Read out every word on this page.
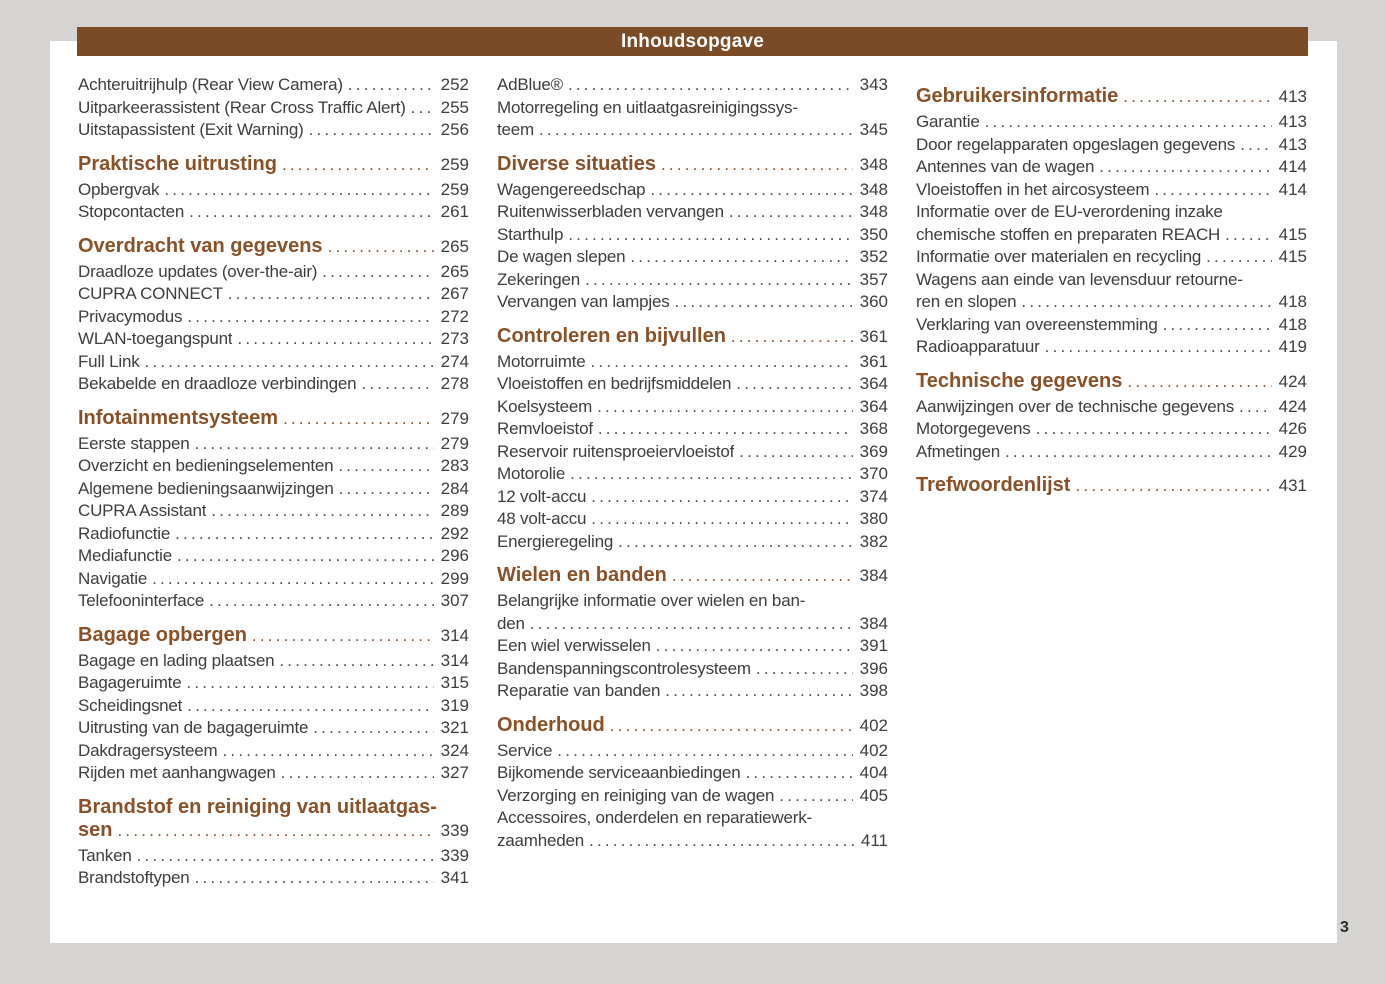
Inhoudsopgave
Achteruitrijhulp (Rear View Camera) .....	252
Uitparkeerassistent (Rear Cross Traffic Alert) ..... 255
Uitstapassistent (Exit Warning) .....	256
Praktische uitrusting .....	259
Opbergvak .....	259
Stopcontacten .....	261
Overdracht van gegevens .....	265
Draadloze updates (over-the-air) .....	265
CUPRA CONNECT .....	267
Privacymodus .....	272
WLAN-toegangspunt .....	273
Full Link .....	274
Bekabelde en draadloze verbindingen .....	278
Infotainmentsysteem .....	279
Eerste stappen .....	279
Overzicht en bedieningselementen .....	283
Algemene bedieningsaanwijzingen .....	284
CUPRA Assistant .....	289
Radiofunctie .....	292
Mediafunctie .....	296
Navigatie .....	299
Telefooninterface .....	307
Bagage opbergen .....	314
Bagage en lading plaatsen .....	314
Bagageruimte .....	315
Scheidingsnet .....	319
Uitrusting van de bagageruimte .....	321
Dakdragersysteem .....	324
Rijden met aanhangwagen .....	327
Brandstof en reiniging van uitlaatgas-
sen .....	339
Tanken .....	339
Brandstoftypen .....	341
AdBlue® .....	343
Motorregeling en uitlaatgasreinigingssys-
teem .....	345
Diverse situaties .....	348
Wagengereedschap .....	348
Ruitenwisserbladen vervangen .....	348
Starthulp .....	350
De wagen slepen .....	352
Zekeringen .....	357
Vervangen van lampjes .....	360
Controleren en bijvullen .....	361
Motorruimte .....	361
Vloeistoffen en bedrijfsmiddelen .....	364
Koelsysteem .....	364
Remvloeistof .....	368
Reservoir ruitensproeiervloeistof .....	369
Motorolie .....	370
12 volt-accu .....	374
48 volt-accu .....	380
Energieregeling .....	382
Wielen en banden .....	384
Belangrijke informatie over wielen en ban-
den .....	384
Een wiel verwisselen .....	391
Bandenspanningscontrolesysteem .....	396
Reparatie van banden .....	398
Onderhoud .....	402
Service .....	402
Bijkomende serviceaanbiedingen .....	404
Verzorging en reiniging van de wagen .....	405
Accessoires, onderdelen en reparatiewerk-
zaamheden .....	411
Gebruikersinformatie .....	413
Garantie .....	413
Door regelapparaten opgeslagen gegevens .....	413
Antennes van de wagen .....	414
Vloeistoffen in het aircosysteem .....	414
Informatie over de EU-verordening inzake
chemische stoffen en preparaten REACH .....	415
Informatie over materialen en recycling .....	415
Wagens aan einde van levensduur retourne-
ren en slopen .....	418
Verklaring van overeenstemming .....	418
Radioapparatuur .....	419
Technische gegevens .....	424
Aanwijzingen over de technische gegevens .....	424
Motorgegevens .....	426
Afmetingen .....	429
Trefwoordenlijst .....	431
3
